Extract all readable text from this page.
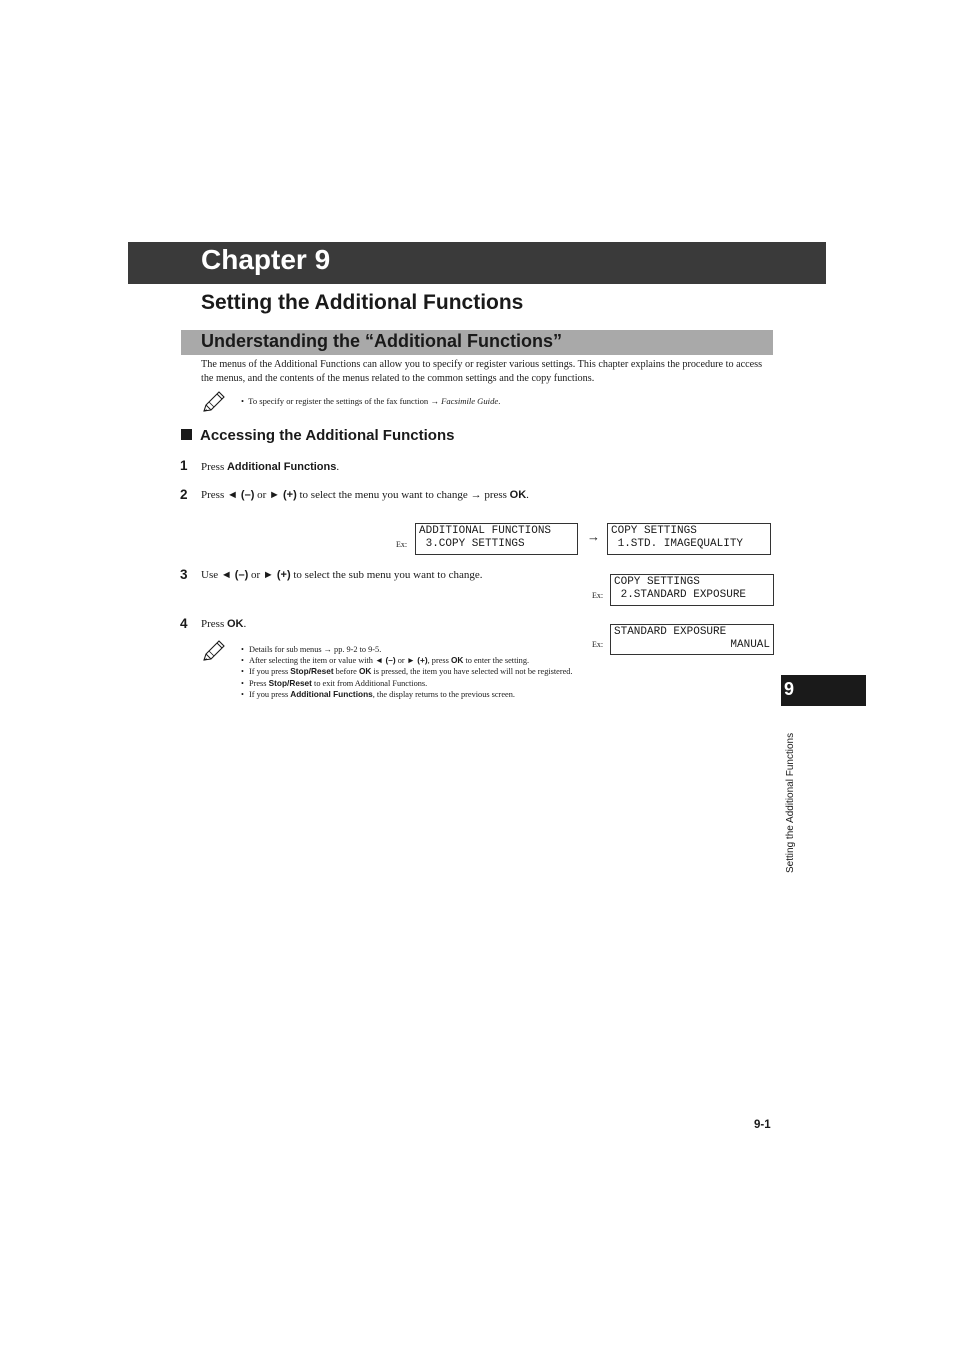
Chapter 9
Setting the Additional Functions
Understanding the “Additional Functions”
The menus of the Additional Functions can allow you to specify or register various settings. This chapter explains the procedure to access the menus, and the contents of the menus related to the common settings and the copy functions.
• To specify or register the settings of the fax function → Facsimile Guide.
Accessing the Additional Functions
1 Press Additional Functions.
2 Press ◄ (–) or ► (+) to select the menu you want to change → press OK.
Ex:
ADDITIONAL FUNCTIONS
3.COPY SETTINGS	→	COPY SETTINGS
1.STD. IMAGEQUALITY
3 Use ◄ (–) or ► (+) to select the sub menu you want to change.
Ex:
COPY SETTINGS
2.STANDARD EXPOSURE
4 Press OK.
Ex:
STANDARD EXPOSURE
MANUAL
• Details for sub menus → pp. 9-2 to 9-5.
• After selecting the item or value with ◄ (–) or ► (+), press OK to enter the setting.
• If you press Stop/Reset before OK is pressed, the item you have selected will not be registered.
• Press Stop/Reset to exit from Additional Functions.
• If you press Additional Functions, the display returns to the previous screen.	9
Setting the Additional Functions
9-1
